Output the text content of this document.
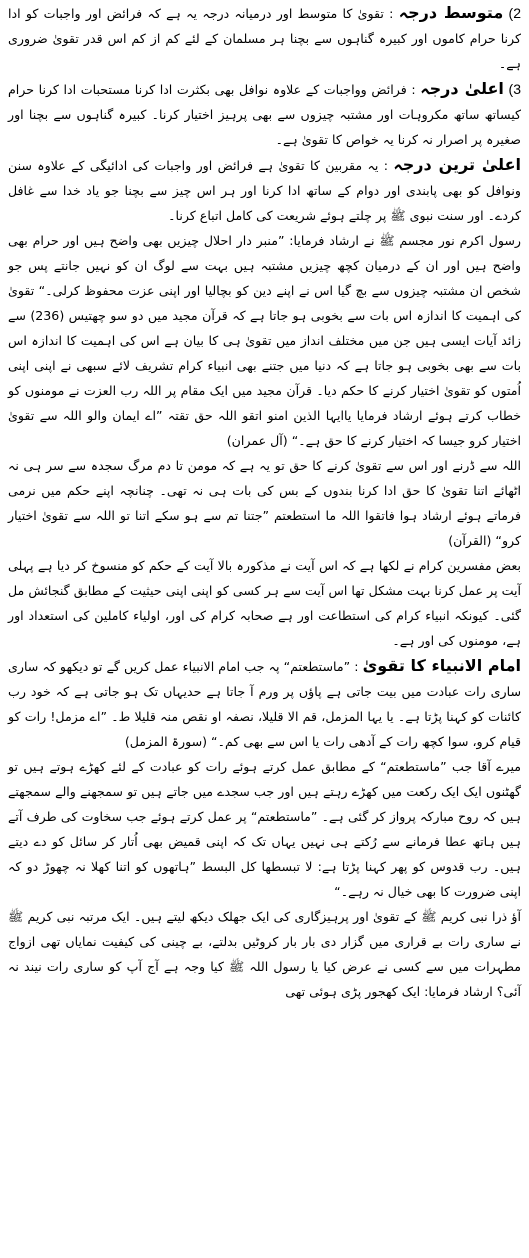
2) متوسط درجہ : تقویٰ کا متوسط اور درمیانہ درجہ یہ ہے کہ فرائض اور واجبات کو ادا کرنا حرام کاموں اور کبیرہ گناہوں سے بچنا ہر مسلمان کے لئے کم از کم اس قدر تقویٰ ضروری ہے۔

3) اعلیٰ درجہ : فرائض وواجبات کے علاوہ نوافل بھی بکثرت ادا کرنا مستحبات ادا کرنا حرام کیساتھ ساتھ مکروہات اور مشتبہ چیزوں سے بھی پرہیز اختیار کرنا۔ کبیرہ گناہوں سے بچنا اور صغیرہ پر اصرار نہ کرنا یہ خواص کا تقویٰ ہے۔

اعلیٰ ترین درجہ : یہ مقربین کا تقویٰ ہے فرائض اور واجبات کی ادائیگی کے علاوہ سنن ونوافل کو بھی پابندی اور دوام کے ساتھ ادا کرنا اور ہر اس چیز سے بچنا جو یاد خدا سے غافل کردے۔ اور سنت نبوی ﷺ پر چلتے ہوئے شریعت کی کامل اتباع کرنا۔

رسول اکرم نور مجسم ﷺ نے ارشاد فرمایا: ”منبر دار احلال چیزیں بھی واضح ہیں اور حرام بھی واضح ہیں اور ان کے درمیان کچھ چیزیں مشتبہ ہیں بہت سے لوگ ان کو نہیں جانتے پس جو شخص ان مشتبہ چیزوں سے بچ گیا اس نے اپنے دین کو بچالیا اور اپنی عزت محفوظ کرلی۔“ تقویٰ کی اہمیت کا اندازہ اس بات سے بخوبی ہو جاتا ہے کہ قرآن مجید میں دو سو چھتیس (236) سے زائد آیات ایسی ہیں جن میں مختلف انداز میں تقویٰ ہی کا بیان ہے اس کی اہمیت کا اندازہ اس بات سے بھی بخوبی ہو جاتا ہے کہ دنیا میں جتنے بھی انبیاء کرام تشریف لائے سبھی نے اپنی اپنی اُمتوں کو تقویٰ اختیار کرنے کا حکم دیا۔ قرآن مجید میں ایک مقام پر اللہ رب العزت نے مومنوں کو خطاب کرتے ہوئے ارشاد فرمایا یاایہا الذین امنو اتقو اللہ حق تقتہ ”اے ایمان والو اللہ سے تقویٰ اختیار کرو جیسا کہ اختیار کرنے کا حق ہے۔“ (آل عمران)

اللہ سے ڈرنے اور اس سے تقویٰ کرنے کا حق تو یہ ہے کہ مومن تا دم مرگ سجدہ سے سر ہی نہ اٹھائے اتنا تقویٰ کا حق ادا کرنا بندوں کے بس کی بات ہی نہ تھی۔ چنانچہ اپنے حکم میں نرمی فرماتے ہوئے ارشاد ہوا فاتقوا اللہ ما استطعتم ”جتنا تم سے ہو سکے اتنا تو اللہ سے تقویٰ اختیار کرو“ (القرآن)

بعض مفسرین کرام نے لکھا ہے کہ اس آیت نے مذکورہ بالا آیت کے حکم کو منسوخ کر دیا ہے پہلی آیت پر عمل کرنا بہت مشکل تھا اس آیت سے ہر کسی کو اپنی اپنی حیثیت کے مطابق گنجائش مل گئی۔ کیونکہ انبیاء کرام کی استطاعت اور ہے صحابہ کرام کی اور، اولیاء کاملین کی استعداد اور ہے، مومنوں کی اور ہے۔

امام الانبیاء کا تقویٰ : ”ماستطعتم“ پہ جب امام الانبیاء عمل کریں گے تو دیکھو کہ ساری ساری رات عبادت میں بیت جاتی ہے پاؤں پر ورم آ جاتا ہے حدیہاں تک ہو جاتی ہے کہ خود رب کائنات کو کہنا پڑتا ہے۔ یا یہا المزمل، قم الا قلیلا، نصفہ او نقص منہ قلیلا ط۔ ”اے مزمل! رات کو قیام کرو، سوا کچھ رات کے آدھی رات یا اس سے بھی کم۔“ (سورۃ المزمل)

میرے آقا جب ”ماستطعتم“ کے مطابق عمل کرتے ہوئے رات کو عبادت کے لئے کھڑے ہوتے ہیں تو گھٹنوں ایک ایک رکعت میں کھڑے رہتے ہیں اور جب سجدے میں جاتے ہیں تو سمجھنے والے سمجھتے ہیں کہ روح مبارکہ پرواز کر گئی ہے۔ ”ماستطعتم“ پر عمل کرتے ہوئے جب سخاوت کی طرف آتے ہیں ہاتھ عطا فرمانے سے رُکتے ہی نہیں یہاں تک کہ اپنی قمیض بھی اُتار کر سائل کو دے دیتے ہیں۔ رب قدوس کو پھر کہنا پڑتا ہے: لا تبسطھا کل البسط ”ہاتھوں کو اتنا کھلا نہ چھوڑ دو کہ اپنی ضرورت کا بھی خیال نہ رہے۔“

آؤ ذرا نبی کریم ﷺ کے تقویٰ اور پرہیزگاری کی ایک جھلک دیکھ لیتے ہیں۔ ایک مرتبہ نبی کریم ﷺ نے ساری رات بے قراری میں گزار دی بار بار کروٹیں بدلتے، بے چینی کی کیفیت نمایاں تھی ازواج مطہرات میں سے کسی نے عرض کیا یا رسول اللہ ﷺ کیا وجہ ہے آج آپ کو ساری رات نیند نہ آئی؟ ارشاد فرمایا: ایک کھجور پڑی ہوئی تھی
